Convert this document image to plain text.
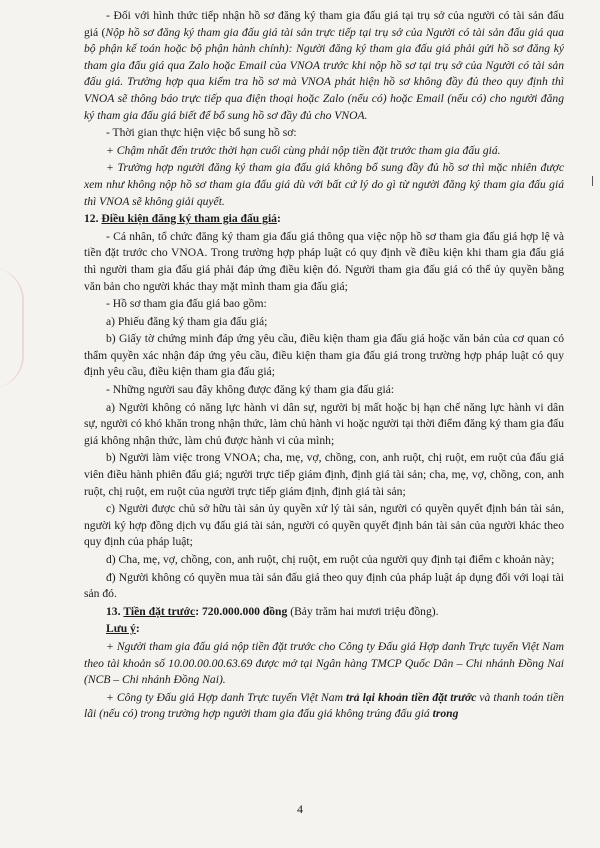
- Đối với hình thức tiếp nhận hồ sơ đăng ký tham gia đấu giá tại trụ sở của người có tài sản đấu giá (Nộp hồ sơ đăng ký tham gia đấu giá tài sản trực tiếp tại trụ sở của Người có tài sản đấu giá qua bộ phận kế toán hoặc bộ phận hành chính): Người đăng ký tham gia đấu giá phải gửi hồ sơ đăng ký tham gia đấu giá qua Zalo hoặc Email của VNOA trước khi nộp hồ sơ tại trụ sở của Người có tài sản đấu giá. Trường hợp qua kiểm tra hồ sơ mà VNOA phát hiện hồ sơ không đầy đủ theo quy định thì VNOA sẽ thông báo trực tiếp qua điện thoại hoặc Zalo (nếu có) hoặc Email (nếu có) cho người đăng ký tham gia đấu giá biết để bổ sung hồ sơ đầy đủ cho VNOA.

- Thời gian thực hiện việc bổ sung hồ sơ:

+ Chậm nhất đến trước thời hạn cuối cùng phải nộp tiền đặt trước tham gia đấu giá.

+ Trường hợp người đăng ký tham gia đấu giá không bổ sung đầy đủ hồ sơ thì mặc nhiên được xem như không nộp hồ sơ tham gia đấu giá dù với bất cứ lý do gì từ người đăng ký tham gia đấu giá thì VNOA sẽ không giải quyết.

12. Điều kiện đăng ký tham gia đấu giá:

- Cá nhân, tổ chức đăng ký tham gia đấu giá thông qua việc nộp hồ sơ tham gia đấu giá hợp lệ và tiền đặt trước cho VNOA. Trong trường hợp pháp luật có quy định về điều kiện khi tham gia đấu giá thì người tham gia đấu giá phải đáp ứng điều kiện đó. Người tham gia đấu giá có thể ủy quyền bằng văn bản cho người khác thay mặt mình tham gia đấu giá;

- Hồ sơ tham gia đấu giá bao gồm:

a) Phiếu đăng ký tham gia đấu giá;

b) Giấy tờ chứng minh đáp ứng yêu cầu, điều kiện tham gia đấu giá hoặc văn bản của cơ quan có thẩm quyền xác nhận đáp ứng yêu cầu, điều kiện tham gia đấu giá trong trường hợp pháp luật có quy định yêu cầu, điều kiện tham gia đấu giá;

- Những người sau đây không được đăng ký tham gia đấu giá:

a) Người không có năng lực hành vi dân sự, người bị mất hoặc bị hạn chế năng lực hành vi dân sự, người có khó khăn trong nhận thức, làm chủ hành vi hoặc người tại thời điểm đăng ký tham gia đấu giá không nhận thức, làm chủ được hành vi của mình;

b) Người làm việc trong VNOA; cha, mẹ, vợ, chồng, con, anh ruột, chị ruột, em ruột của đấu giá viên điều hành phiên đấu giá; người trực tiếp giám định, định giá tài sản; cha, mẹ, vợ, chồng, con, anh ruột, chị ruột, em ruột của người trực tiếp giám định, định giá tài sản;

c) Người được chủ sở hữu tài sản ủy quyền xử lý tài sản, người có quyền quyết định bán tài sản, người ký hợp đồng dịch vụ đấu giá tài sản, người có quyền quyết định bán tài sản của người khác theo quy định của pháp luật;

d) Cha, mẹ, vợ, chồng, con, anh ruột, chị ruột, em ruột của người quy định tại điểm c khoản này;

đ) Người không có quyền mua tài sản đấu giá theo quy định của pháp luật áp dụng đối với loại tài sản đó.

13. Tiền đặt trước: 720.000.000 đồng (Bảy trăm hai mươi triệu đồng).

Lưu ý:

+ Người tham gia đấu giá nộp tiền đặt trước cho Công ty Đấu giá Hợp danh Trực tuyến Việt Nam theo tài khoản số 10.00.00.00.63.69 được mở tại Ngân hàng TMCP Quốc Dân – Chi nhánh Đồng Nai (NCB – Chi nhánh Đồng Nai).

+ Công ty Đấu giá Hợp danh Trực tuyến Việt Nam trả lại khoản tiền đặt trước và thanh toán tiền lãi (nếu có) trong trường hợp người tham gia đấu giá không trúng đấu giá trong

4
